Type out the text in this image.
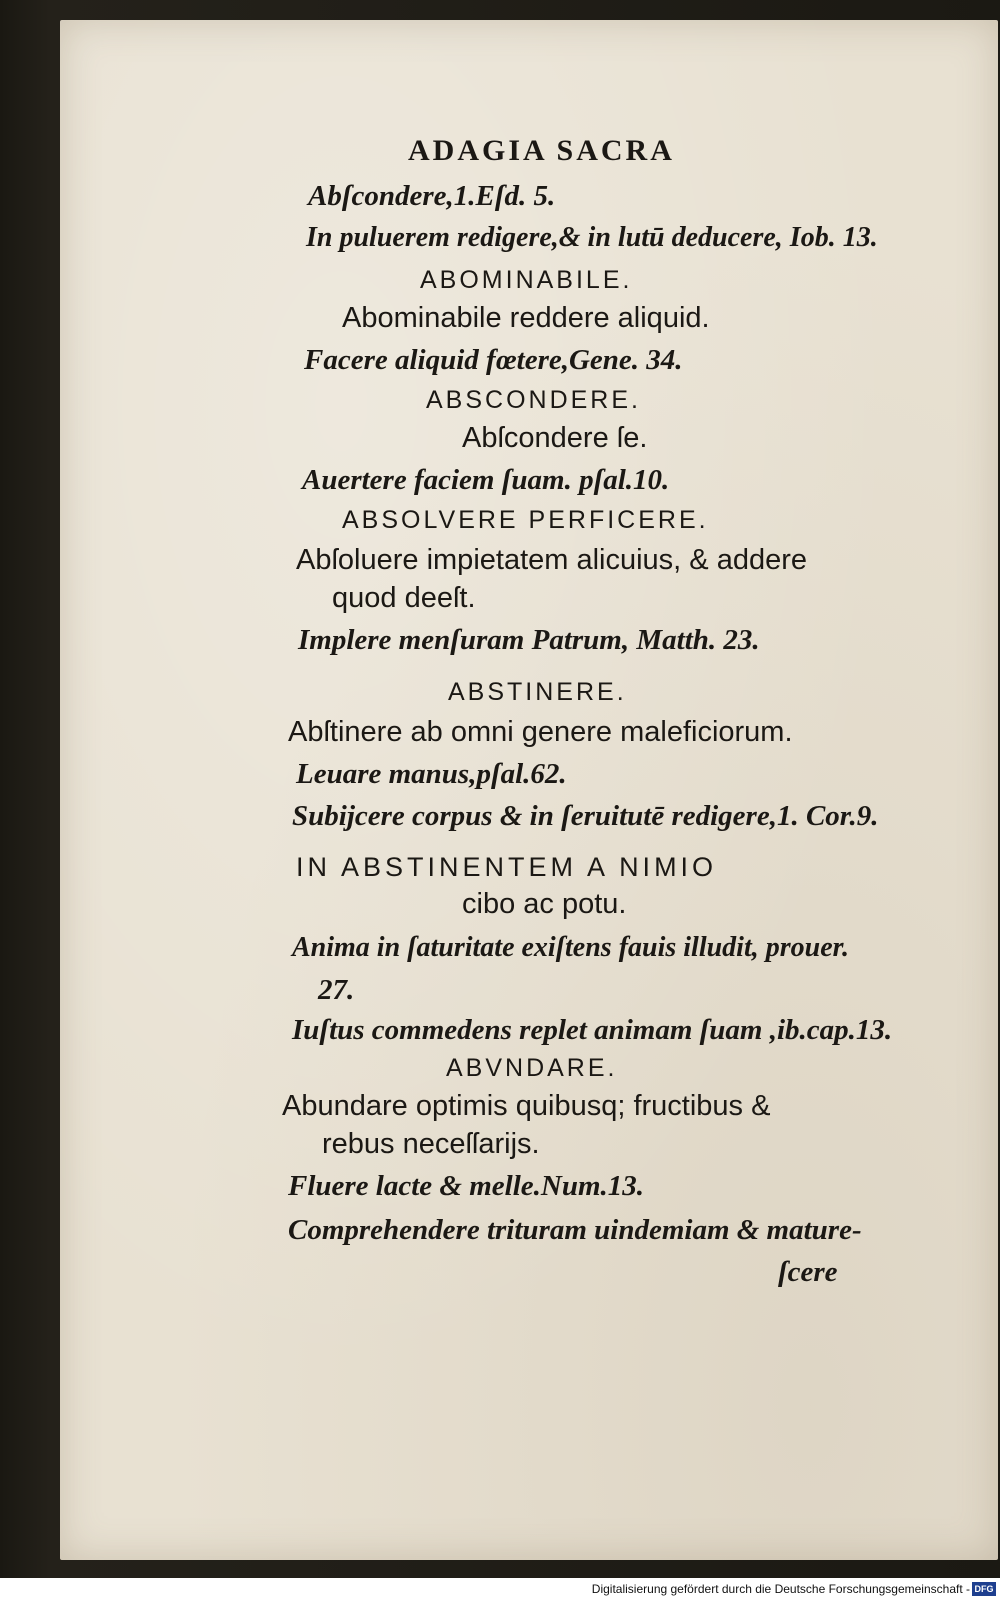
ADAGIA SACRA
Abſcondere,1.Eſd. 5.
In puluerem redigere,& in lutū deducere, Iob. 13.
ABOMINABILE.
Abominabile reddere aliquid.
Facere aliquid fœtere,Gene. 34.
ABSCONDERE.
Abſcondere ſe.
Auertere faciem ſuam. pſal.10.
ABSOLVERE PERFICERE.
Abſoluere impietatem alicuius, & addere
quod deeſt.
Implere menſuram Patrum, Matth. 23.
ABSTINERE.
Abſtinere ab omni genere maleficiorum.
Leuare manus,pſal.62.
Subijcere corpus & in ſeruitutē redigere,1. Cor.9.
IN ABSTINENTEM A NIMIO
cibo ac potu.
Anima in ſaturitate exiſtens fauis illudit, prouer.
27.
Iuſtus commedens replet animam ſuam ,ib.cap.13.
ABVNDARE.
Abundare optimis quibusq; fructibus &
rebus neceſſarijs.
Fluere lacte & melle.Num.13.
Comprehendere trituram uindemiam & mature-
ſcere
Digitalisierung gefördert durch die Deutsche Forschungsgemeinschaft - DFG
